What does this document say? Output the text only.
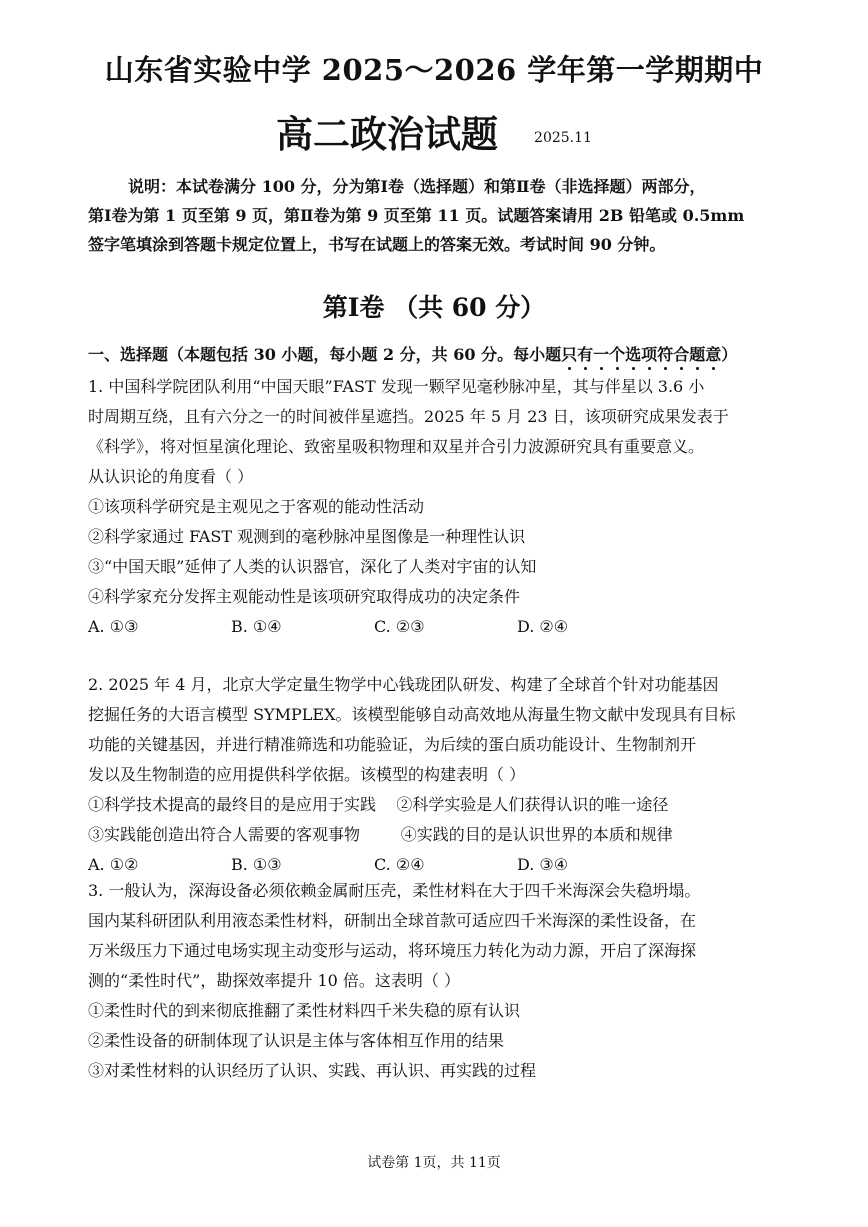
山东省实验中学 2025～2026 学年第一学期期中
高二政治试题	2025.11
说明：本试卷满分 100 分，分为第Ⅰ卷（选择题）和第Ⅱ卷（非选择题）两部分，
第Ⅰ卷为第 1 页至第 9 页，第Ⅱ卷为第 9 页至第 11 页。试题答案请用 2B 铅笔或 0.5mm
签字笔填涂到答题卡规定位置上，书写在试题上的答案无效。考试时间 90 分钟。
第Ⅰ卷 （共 60 分）
一、选择题（本题包括 30 小题，每小题 2 分，共 60 分。每小题只有一个选项符合题意）
1. 中国科学院团队利用“中国天眼”FAST 发现一颗罕见毫秒脉冲星，其与伴星以 3.6 小
时周期互绕，且有六分之一的时间被伴星遮挡。2025 年 5 月 23 日，该项研究成果发表于
《科学》，将对恒星演化理论、致密星吸积物理和双星并合引力波源研究具有重要意义。
从认识论的角度看（ ）
①该项科学研究是主观见之于客观的能动性活动
②科学家通过 FAST 观测到的毫秒脉冲星图像是一种理性认识
③“中国天眼”延伸了人类的认识器官，深化了人类对宇宙的认知
④科学家充分发挥主观能动性是该项研究取得成功的决定条件
A. ①③	B. ①④	C. ②③	D. ②④
2. 2025 年 4 月，北京大学定量生物学中心钱珑团队研发、构建了全球首个针对功能基因
挖掘任务的大语言模型 SYMPLEX。该模型能够自动高效地从海量生物文献中发现具有目标
功能的关键基因，并进行精准筛选和功能验证，为后续的蛋白质功能设计、生物制剂开
发以及生物制造的应用提供科学依据。该模型的构建表明（ ）
①科学技术提高的最终目的是应用于实践    ②科学实验是人们获得认识的唯一途径
③实践能创造出符合人需要的客观事物        ④实践的目的是认识世界的本质和规律
A. ①②	B. ①③	C. ②④	D. ③④
3. 一般认为，深海设备必须依赖金属耐压壳，柔性材料在大于四千米海深会失稳坍塌。
国内某科研团队利用液态柔性材料，研制出全球首款可适应四千米海深的柔性设备，在
万米级压力下通过电场实现主动变形与运动，将环境压力转化为动力源，开启了深海探
测的“柔性时代”，勘探效率提升 10 倍。这表明（ ）
①柔性时代的到来彻底推翻了柔性材料四千米失稳的原有认识
②柔性设备的研制体现了认识是主体与客体相互作用的结果
③对柔性材料的认识经历了认识、实践、再认识、再实践的过程
试卷第 1页，共 11页
